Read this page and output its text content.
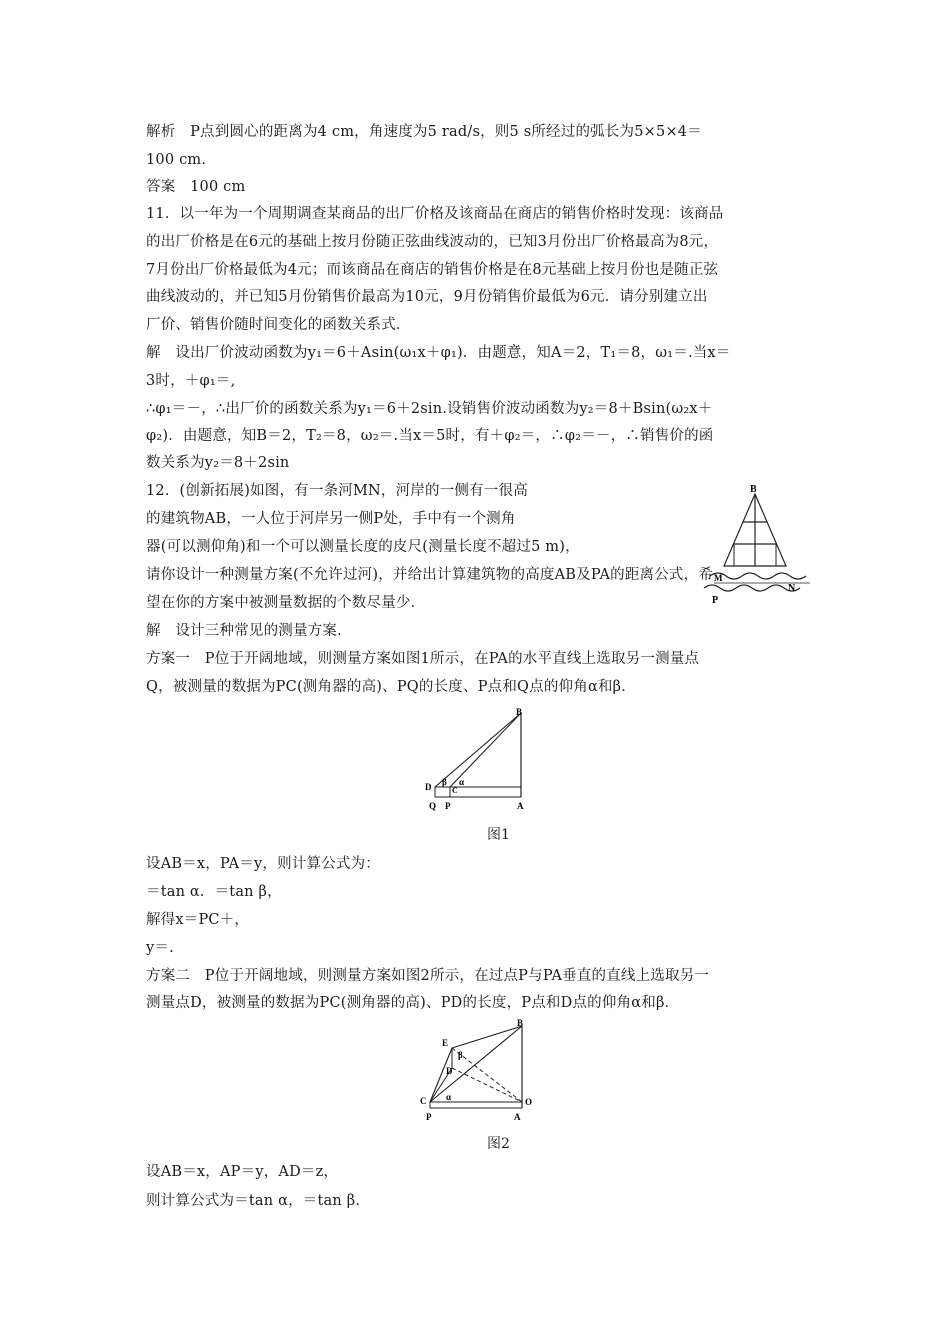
解析　P点到圆心的距离为4 cm，角速度为5 rad/s，则5 s所经过的弧长为5×5×4＝
100 cm.
答案　100 cm
11．以一年为一个周期调查某商品的出厂价格及该商品在商店的销售价格时发现：该商品
的出厂价格是在6元的基础上按月份随正弦曲线波动的，已知3月份出厂价格最高为8元，
7月份出厂价格最低为4元；而该商品在商店的销售价格是在8元基础上按月份也是随正弦
曲线波动的，并已知5月份销售价最高为10元，9月份销售价最低为6元．请分别建立出
厂价、销售价随时间变化的函数关系式．
解　设出厂价波动函数为y₁＝6＋Asin(ω₁x＋φ₁)．由题意，知A＝2，T₁＝8，ω₁＝.当x＝
3时，＋φ₁＝,
∴φ₁＝－，∴出厂价的函数关系为y₁＝6＋2sin.设销售价波动函数为y₂＝8＋Bsin(ω₂x＋
φ₂)．由题意，知B＝2，T₂＝8，ω₂＝.当x＝5时，有＋φ₂＝，∴φ₂＝－，∴销售价的函
数关系为y₂＝8＋2sin
12．(创新拓展)如图，有一条河MN，河岸的一侧有一很高
的建筑物AB，一人位于河岸另一侧P处，手中有一个测角
器(可以测仰角)和一个可以测量长度的皮尺(测量长度不超过5 m)，
请你设计一种测量方案(不允许过河)，并给出计算建筑物的高度AB及PA的距离公式，希
望在你的方案中被测量数据的个数尽量少．
B
M
N
P
解　设计三种常见的测量方案．
方案一　P位于开阔地域，则测量方案如图1所示，在PA的水平直线上选取另一测量点
Q，被测量的数据为PC(测角器的高)、PQ的长度、P点和Q点的仰角α和β．
B
D β
C
α
Q P	A
图1
设AB＝x，PA＝y，则计算公式为：
＝tan α．＝tan β，
解得x＝PC＋，
y＝.
方案二　P位于开阔地域，则测量方案如图2所示，在过点P与PA垂直的直线上选取另一
测量点D，被测量的数据为PC(测角器的高)、PD的长度，P点和D点的仰角α和β．
B
E
β
D
C α	O
P	A
图2
设AB＝x，AP＝y，AD＝z，
则计算公式为＝tan α，＝tan β.
